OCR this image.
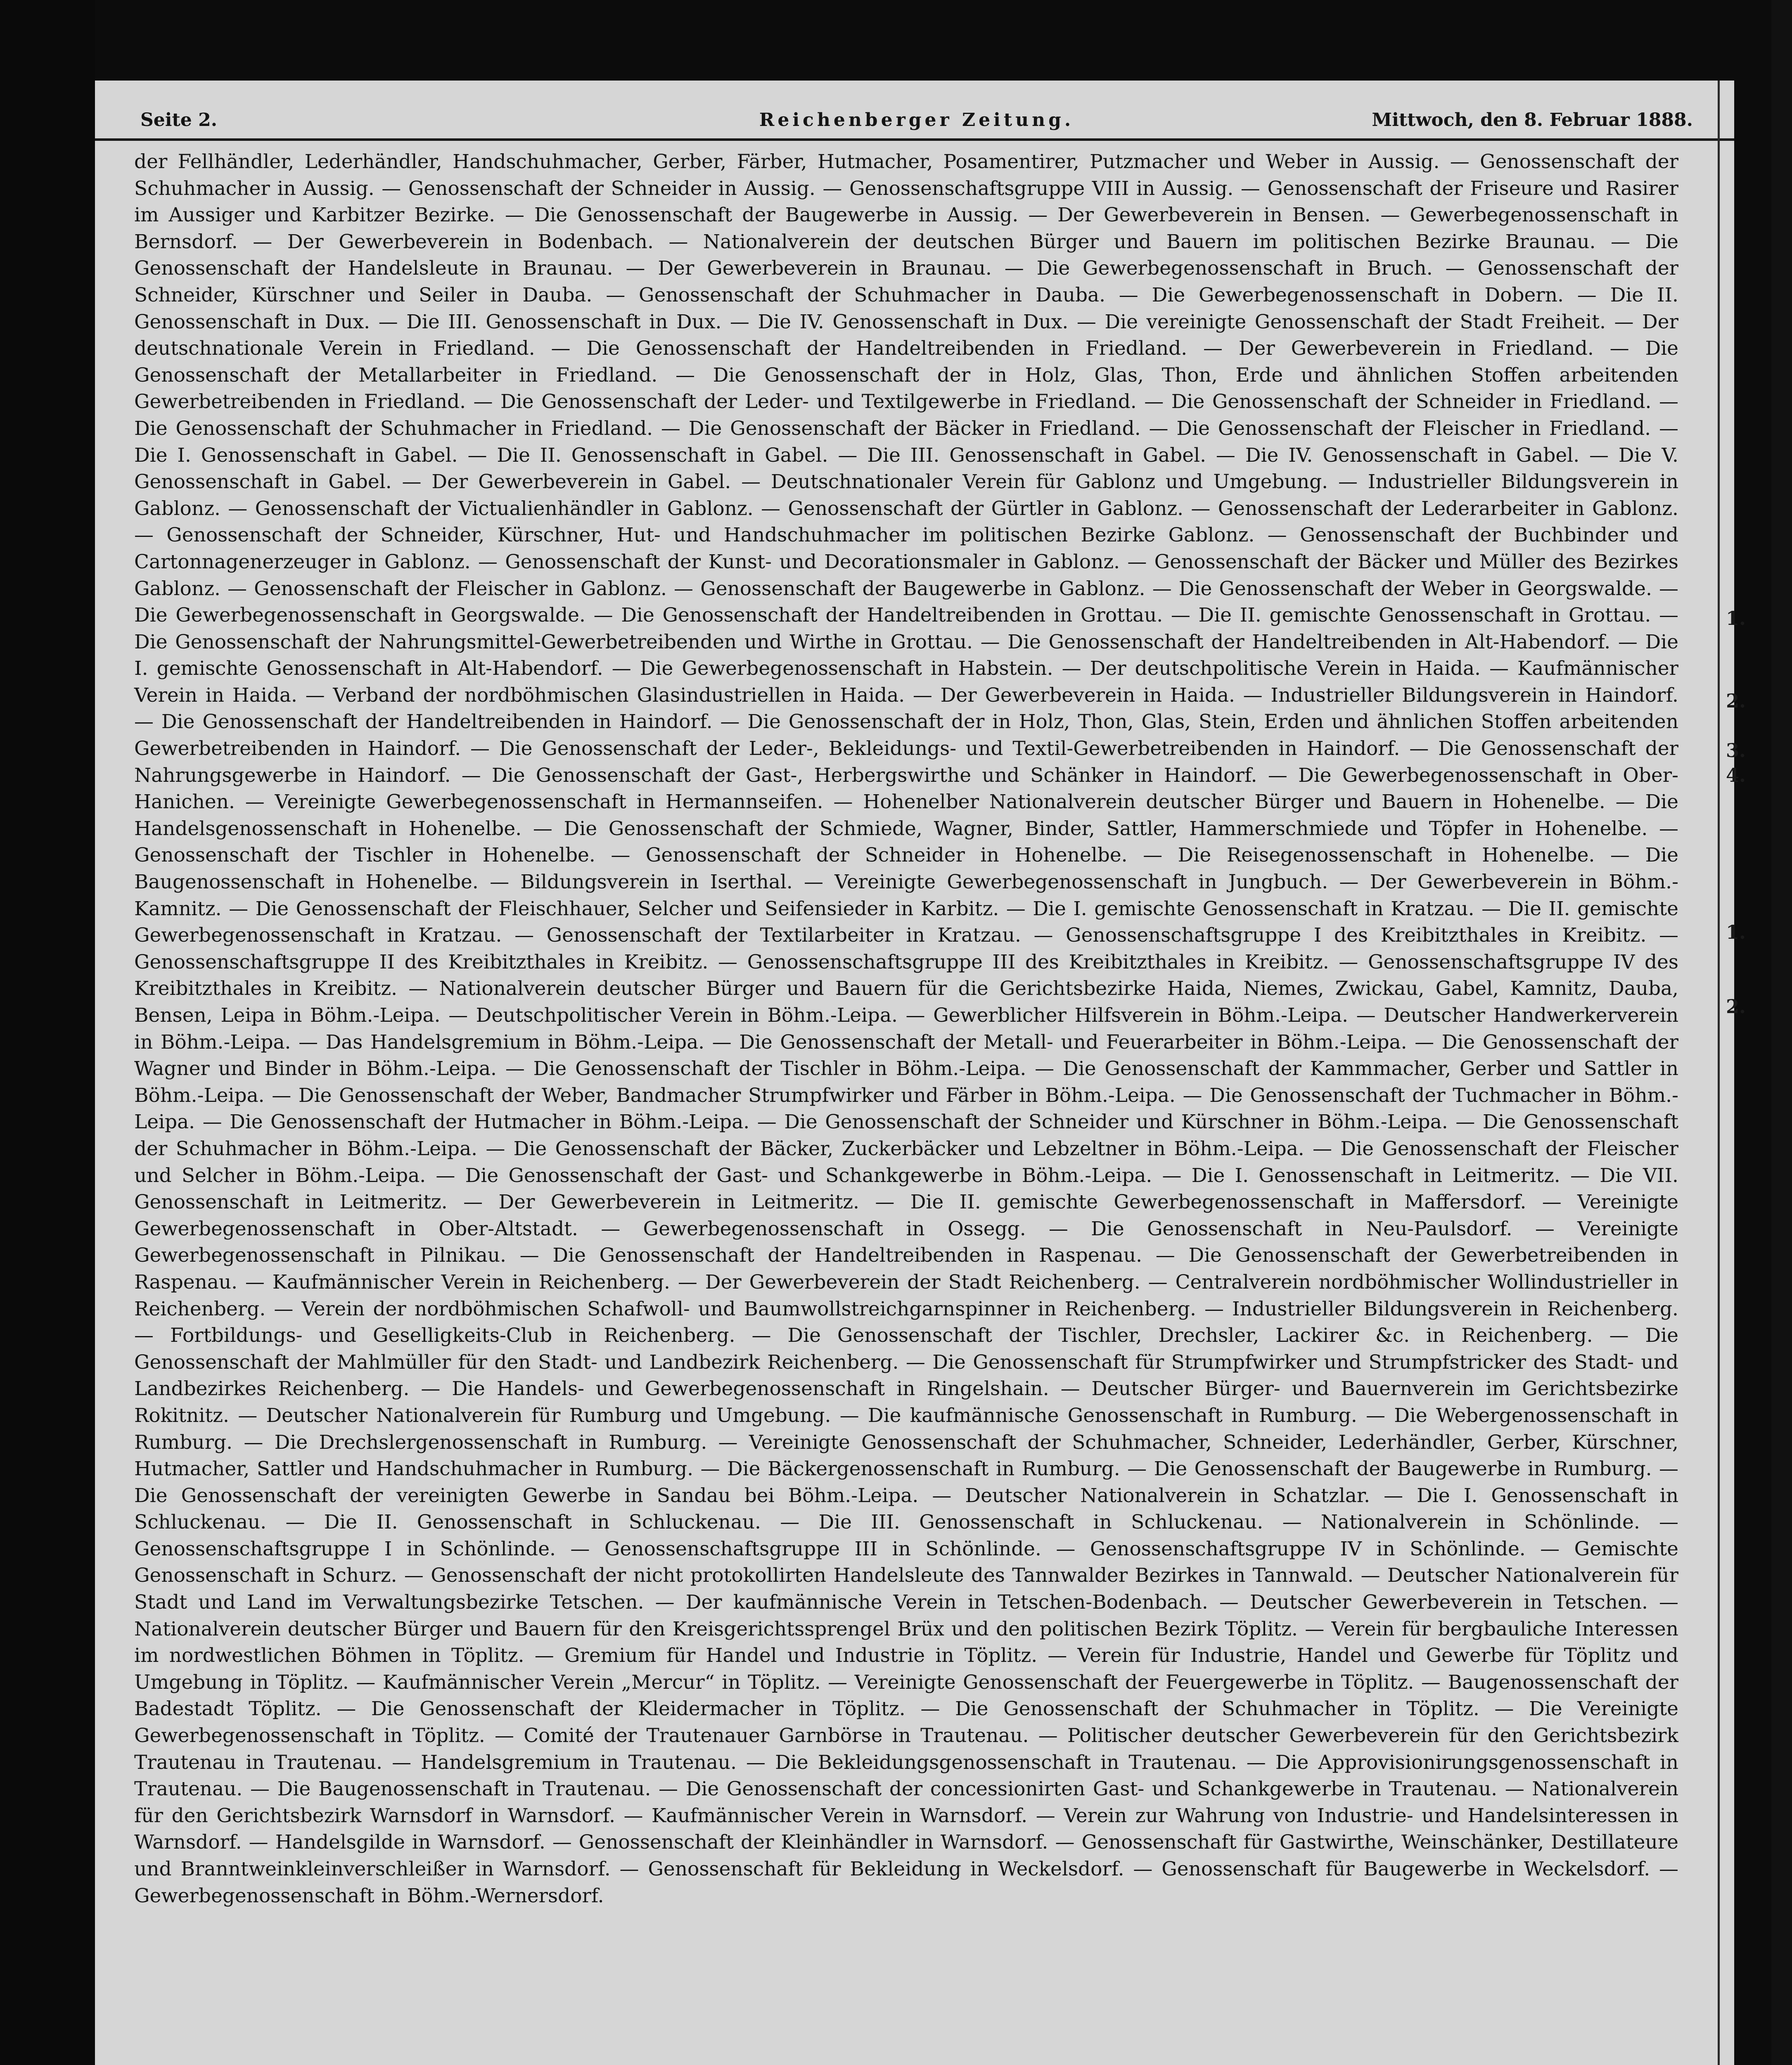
Seite 2.	Reichenberger Zeitung.	Mittwoch, den 8. Februar 1888.
der Fellhändler, Lederhändler, Handschuhmacher, Gerber, Färber, Hutmacher, Posamentirer, Putzmacher und Weber in Aussig. — Genossenschaft der Schuhmacher in Aussig. — Genossenschaft der Schneider in Aussig. — Genossenschaftsgruppe VIII in Aussig. — Genossenschaft der Friseure und Rasirer im Aussiger und Karbitzer Bezirke. — Die Genossenschaft der Baugewerbe in Aussig. — Der Gewerbeverein in Bensen. — Gewerbegenossenschaft in Bernsdorf. — Der Gewerbeverein in Bodenbach. — Nationalverein der deutschen Bürger und Bauern im politischen Bezirke Braunau. — Die Genossenschaft der Handelsleute in Braunau. — Der Gewerbeverein in Braunau. — Die Gewerbegenossenschaft in Bruch. — Genossenschaft der Schneider, Kürschner und Seiler in Dauba. — Genossenschaft der Schuhmacher in Dauba. — Die Gewerbegenossenschaft in Dobern. — Die II. Genossenschaft in Dux. — Die III. Genossenschaft in Dux. — Die IV. Genossenschaft in Dux. — Die vereinigte Genossenschaft der Stadt Freiheit. — Der deutschnationale Verein in Friedland. — Die Genossenschaft der Handeltreibenden in Friedland. — Der Gewerbeverein in Friedland. — Die Genossenschaft der Metallarbeiter in Friedland. — Die Genossenschaft der in Holz, Glas, Thon, Erde und ähnlichen Stoffen arbeitenden Gewerbetreibenden in Friedland. — Die Genossenschaft der Leder- und Textilgewerbe in Friedland. — Die Genossenschaft der Schneider in Friedland. — Die Genossenschaft der Schuhmacher in Friedland. — Die Genossenschaft der Bäcker in Friedland. — Die Genossenschaft der Fleischer in Friedland. — Die I. Genossenschaft in Gabel. — Die II. Genossenschaft in Gabel. — Die III. Genossenschaft in Gabel. — Die IV. Genossenschaft in Gabel. — Die V. Genossenschaft in Gabel. — Der Gewerbeverein in Gabel. — Deutschnationaler Verein für Gablonz und Umgebung. — Industrieller Bildungsverein in Gablonz. — Genossenschaft der Victualienhändler in Gablonz. — Genossenschaft der Gürtler in Gablonz. — Genossenschaft der Lederarbeiter in Gablonz. — Genossenschaft der Schneider, Kürschner, Hut- und Handschuhmacher im politischen Bezirke Gablonz. — Genossenschaft der Buchbinder und Cartonnagenerzeuger in Gablonz. — Genossenschaft der Kunst- und Decorationsmaler in Gablonz. — Genossenschaft der Bäcker und Müller des Bezirkes Gablonz. — Genossenschaft der Fleischer in Gablonz. — Genossenschaft der Baugewerbe in Gablonz. — Die Genossenschaft der Weber in Georgswalde. — Die Gewerbegenossenschaft in Georgswalde. — Die Genossenschaft der Handeltreibenden in Grottau. — Die II. gemischte Genossenschaft in Grottau. — Die Genossenschaft der Nahrungsmittel-Gewerbetreibenden und Wirthe in Grottau. — Die Genossenschaft der Handeltreibenden in Alt-Habendorf. — Die I. gemischte Genossenschaft in Alt-Habendorf. — Die Gewerbegenossenschaft in Habstein. — Der deutschpolitische Verein in Haida. — Kaufmännischer Verein in Haida. — Verband der nordböhmischen Glasindustriellen in Haida. — Der Gewerbeverein in Haida. — Industrieller Bildungsverein in Haindorf. — Die Genossenschaft der Handeltreibenden in Haindorf. — Die Genossenschaft der in Holz, Thon, Glas, Stein, Erden und ähnlichen Stoffen arbeitenden Gewerbetreibenden in Haindorf. — Die Genossenschaft der Leder-, Bekleidungs- und Textil-Gewerbetreibenden in Haindorf. — Die Genossenschaft der Nahrungsgewerbe in Haindorf. — Die Genossenschaft der Gast-, Herbergswirthe und Schänker in Haindorf. — Die Gewerbegenossenschaft in Ober-Hanichen. — Vereinigte Gewerbegenossenschaft in Hermannseifen. — Hohenelber Nationalverein deutscher Bürger und Bauern in Hohenelbe. — Die Handelsgenossenschaft in Hohenelbe. — Die Genossenschaft der Schmiede, Wagner, Binder, Sattler, Hammerschmiede und Töpfer in Hohenelbe. — Genossenschaft der Tischler in Hohenelbe. — Genossenschaft der Schneider in Hohenelbe. — Die Reisegenossenschaft in Hohenelbe. — Die Baugenossenschaft in Hohenelbe. — Bildungsverein in Iserthal. — Vereinigte Gewerbegenossenschaft in Jungbuch. — Der Gewerbeverein in Böhm.-Kamnitz. — Die Genossenschaft der Fleischhauer, Selcher und Seifensieder in Karbitz. — Die I. gemischte Genossenschaft in Kratzau. — Die II. gemischte Gewerbegenossenschaft in Kratzau. — Genossenschaft der Textilarbeiter in Kratzau. — Genossenschaftsgruppe I des Kreibitzthales in Kreibitz. — Genossenschaftsgruppe II des Kreibitzthales in Kreibitz. — Genossenschaftsgruppe III des Kreibitzthales in Kreibitz. — Genossenschaftsgruppe IV des Kreibitzthales in Kreibitz. — Nationalverein deutscher Bürger und Bauern für die Gerichtsbezirke Haida, Niemes, Zwickau, Gabel, Kamnitz, Dauba, Bensen, Leipa in Böhm.-Leipa. — Deutschpolitischer Verein in Böhm.-Leipa. — Gewerblicher Hilfsverein in Böhm.-Leipa. — Deutscher Handwerkerverein in Böhm.-Leipa. — Das Handelsgremium in Böhm.-Leipa. — Die Genossenschaft der Metall- und Feuerarbeiter in Böhm.-Leipa. — Die Genossenschaft der Wagner und Binder in Böhm.-Leipa. — Die Genossenschaft der Tischler in Böhm.-Leipa. — Die Genossenschaft der Kammmacher, Gerber und Sattler in Böhm.-Leipa. — Die Genossenschaft der Weber, Bandmacher Strumpfwirker und Färber in Böhm.-Leipa. — Die Genossenschaft der Tuchmacher in Böhm.-Leipa. — Die Genossenschaft der Hutmacher in Böhm.-Leipa. — Die Genossenschaft der Schneider und Kürschner in Böhm.-Leipa. — Die Genossenschaft der Schuhmacher in Böhm.-Leipa. — Die Genossenschaft der Bäcker, Zuckerbäcker und Lebzeltner in Böhm.-Leipa. — Die Genossenschaft der Fleischer und Selcher in Böhm.-Leipa. — Die Genossenschaft der Gast- und Schankgewerbe in Böhm.-Leipa. — Die I. Genossenschaft in Leitmeritz. — Die VII. Genossenschaft in Leitmeritz. — Der Gewerbeverein in Leitmeritz. — Die II. gemischte Gewerbegenossenschaft in Maffersdorf. — Vereinigte Gewerbegenossenschaft in Ober-Altstadt. — Gewerbegenossenschaft in Ossegg. — Die Genossenschaft in Neu-Paulsdorf. — Vereinigte Gewerbegenossenschaft in Pilnikau. — Die Genossenschaft der Handeltreibenden in Raspenau. — Die Genossenschaft der Gewerbetreibenden in Raspenau. — Kaufmännischer Verein in Reichenberg. — Der Gewerbeverein der Stadt Reichenberg. — Centralverein nordböhmischer Wollindustrieller in Reichenberg. — Verein der nordböhmischen Schafwoll- und Baumwollstreichgarnspinner in Reichenberg. — Industrieller Bildungsverein in Reichenberg. — Fortbildungs- und Geselligkeits-Club in Reichenberg. — Die Genossenschaft der Tischler, Drechsler, Lackirer &c. in Reichenberg. — Die Genossenschaft der Mahlmüller für den Stadt- und Landbezirk Reichenberg. — Die Genossenschaft für Strumpfwirker und Strumpfstricker des Stadt- und Landbezirkes Reichenberg. — Die Handels- und Gewerbegenossenschaft in Ringelshain. — Deutscher Bürger- und Bauernverein im Gerichtsbezirke Rokitnitz. — Deutscher Nationalverein für Rumburg und Umgebung. — Die kaufmännische Genossenschaft in Rumburg. — Die Webergenossenschaft in Rumburg. — Die Drechslergenossenschaft in Rumburg. — Vereinigte Genossenschaft der Schuhmacher, Schneider, Lederhändler, Gerber, Kürschner, Hutmacher, Sattler und Handschuhmacher in Rumburg. — Die Bäckergenossenschaft in Rumburg. — Die Genossenschaft der Baugewerbe in Rumburg. — Die Genossenschaft der vereinigten Gewerbe in Sandau bei Böhm.-Leipa. — Deutscher Nationalverein in Schatzlar. — Die I. Genossenschaft in Schluckenau. — Die II. Genossenschaft in Schluckenau. — Die III. Genossenschaft in Schluckenau. — Nationalverein in Schönlinde. — Genossenschaftsgruppe I in Schönlinde. — Genossenschaftsgruppe III in Schönlinde. — Genossenschaftsgruppe IV in Schönlinde. — Gemischte Genossenschaft in Schurz. — Genossenschaft der nicht protokollirten Handelsleute des Tannwalder Bezirkes in Tannwald. — Deutscher Nationalverein für Stadt und Land im Verwaltungsbezirke Tetschen. — Der kaufmännische Verein in Tetschen-Bodenbach. — Deutscher Gewerbeverein in Tetschen. — Nationalverein deutscher Bürger und Bauern für den Kreisgerichtssprengel Brüx und den politischen Bezirk Töplitz. — Verein für bergbauliche Interessen im nordwestlichen Böhmen in Töplitz. — Gremium für Handel und Industrie in Töplitz. — Verein für Industrie, Handel und Gewerbe für Töplitz und Umgebung in Töplitz. — Kaufmännischer Verein „Mercur“ in Töplitz. — Vereinigte Genossenschaft der Feuergewerbe in Töplitz. — Baugenossenschaft der Badestadt Töplitz. — Die Genossenschaft der Kleidermacher in Töplitz. — Die Genossenschaft der Schuhmacher in Töplitz. — Die Vereinigte Gewerbegenossenschaft in Töplitz. — Comité der Trautenauer Garnbörse in Trautenau. — Politischer deutscher Gewerbeverein für den Gerichtsbezirk Trautenau in Trautenau. — Handelsgremium in Trautenau. — Die Bekleidungsgenossenschaft in Trautenau. — Die Approvisionirungsgenossenschaft in Trautenau. — Die Baugenossenschaft in Trautenau. — Die Genossenschaft der concessionirten Gast- und Schankgewerbe in Trautenau. — Nationalverein für den Gerichtsbezirk Warnsdorf in Warnsdorf. — Kaufmännischer Verein in Warnsdorf. — Verein zur Wahrung von Industrie- und Handelsinteressen in Warnsdorf. — Handelsgilde in Warnsdorf. — Genossenschaft der Kleinhändler in Warnsdorf. — Genossenschaft für Gastwirthe, Weinschänker, Destillateure und Branntweinkleinverschleißer in Warnsdorf. — Genossenschaft für Bekleidung in Weckelsdorf. — Genossenschaft für Baugewerbe in Weckelsdorf. — Gewerbegenossenschaft in Böhm.-Wernersdorf.
1.
2.
3.
4.
1.
2.
